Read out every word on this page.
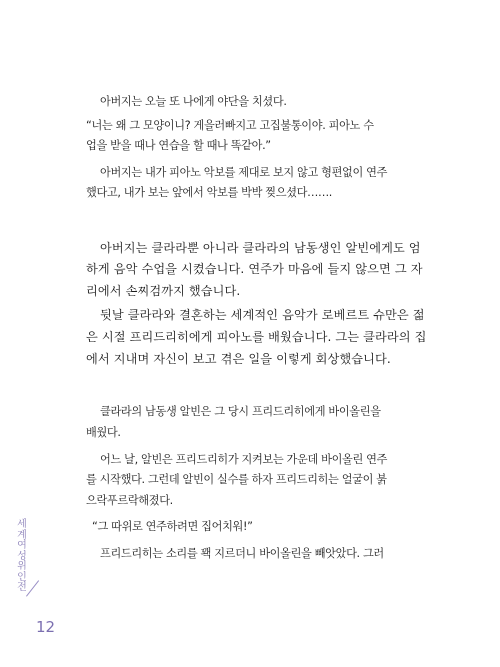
아버지는 오늘 또 나에게 야단을 치셨다.
“너는 왜 그 모양이니? 게을러빠지고 고집불통이야. 피아노 수
업을 받을 때나 연습을 할 때나 똑같아.”
아버지는 내가 피아노 악보를 제대로 보지 않고 형편없이 연주
했다고, 내가 보는 앞에서 악보를 박박 찢으셨다…….
아버지는 클라라뿐 아니라 클라라의 남동생인 알빈에게도 엄
하게 음악 수업을 시켰습니다. 연주가 마음에 들지 않으면 그 자
리에서 손찌검까지 했습니다.
뒷날 클라라와 결혼하는 세계적인 음악가 로베르트 슈만은 젊
은 시절 프리드리히에게 피아노를 배웠습니다. 그는 클라라의 집
에서 지내며 자신이 보고 겪은 일을 이렇게 회상했습니다.
클라라의 남동생 알빈은 그 당시 프리드리히에게 바이올린을
배웠다.
어느 날, 알빈은 프리드리히가 지켜보는 가운데 바이올린 연주
를 시작했다. 그런데 알빈이 실수를 하자 프리드리히는 얼굴이 붉
으락푸르락해졌다.
“그 따위로 연주하려면 집어치워!”
프리드리히는 소리를 꽥 지르더니 바이올린을 빼앗았다. 그러
세
계
여
성
위
인
전
12
